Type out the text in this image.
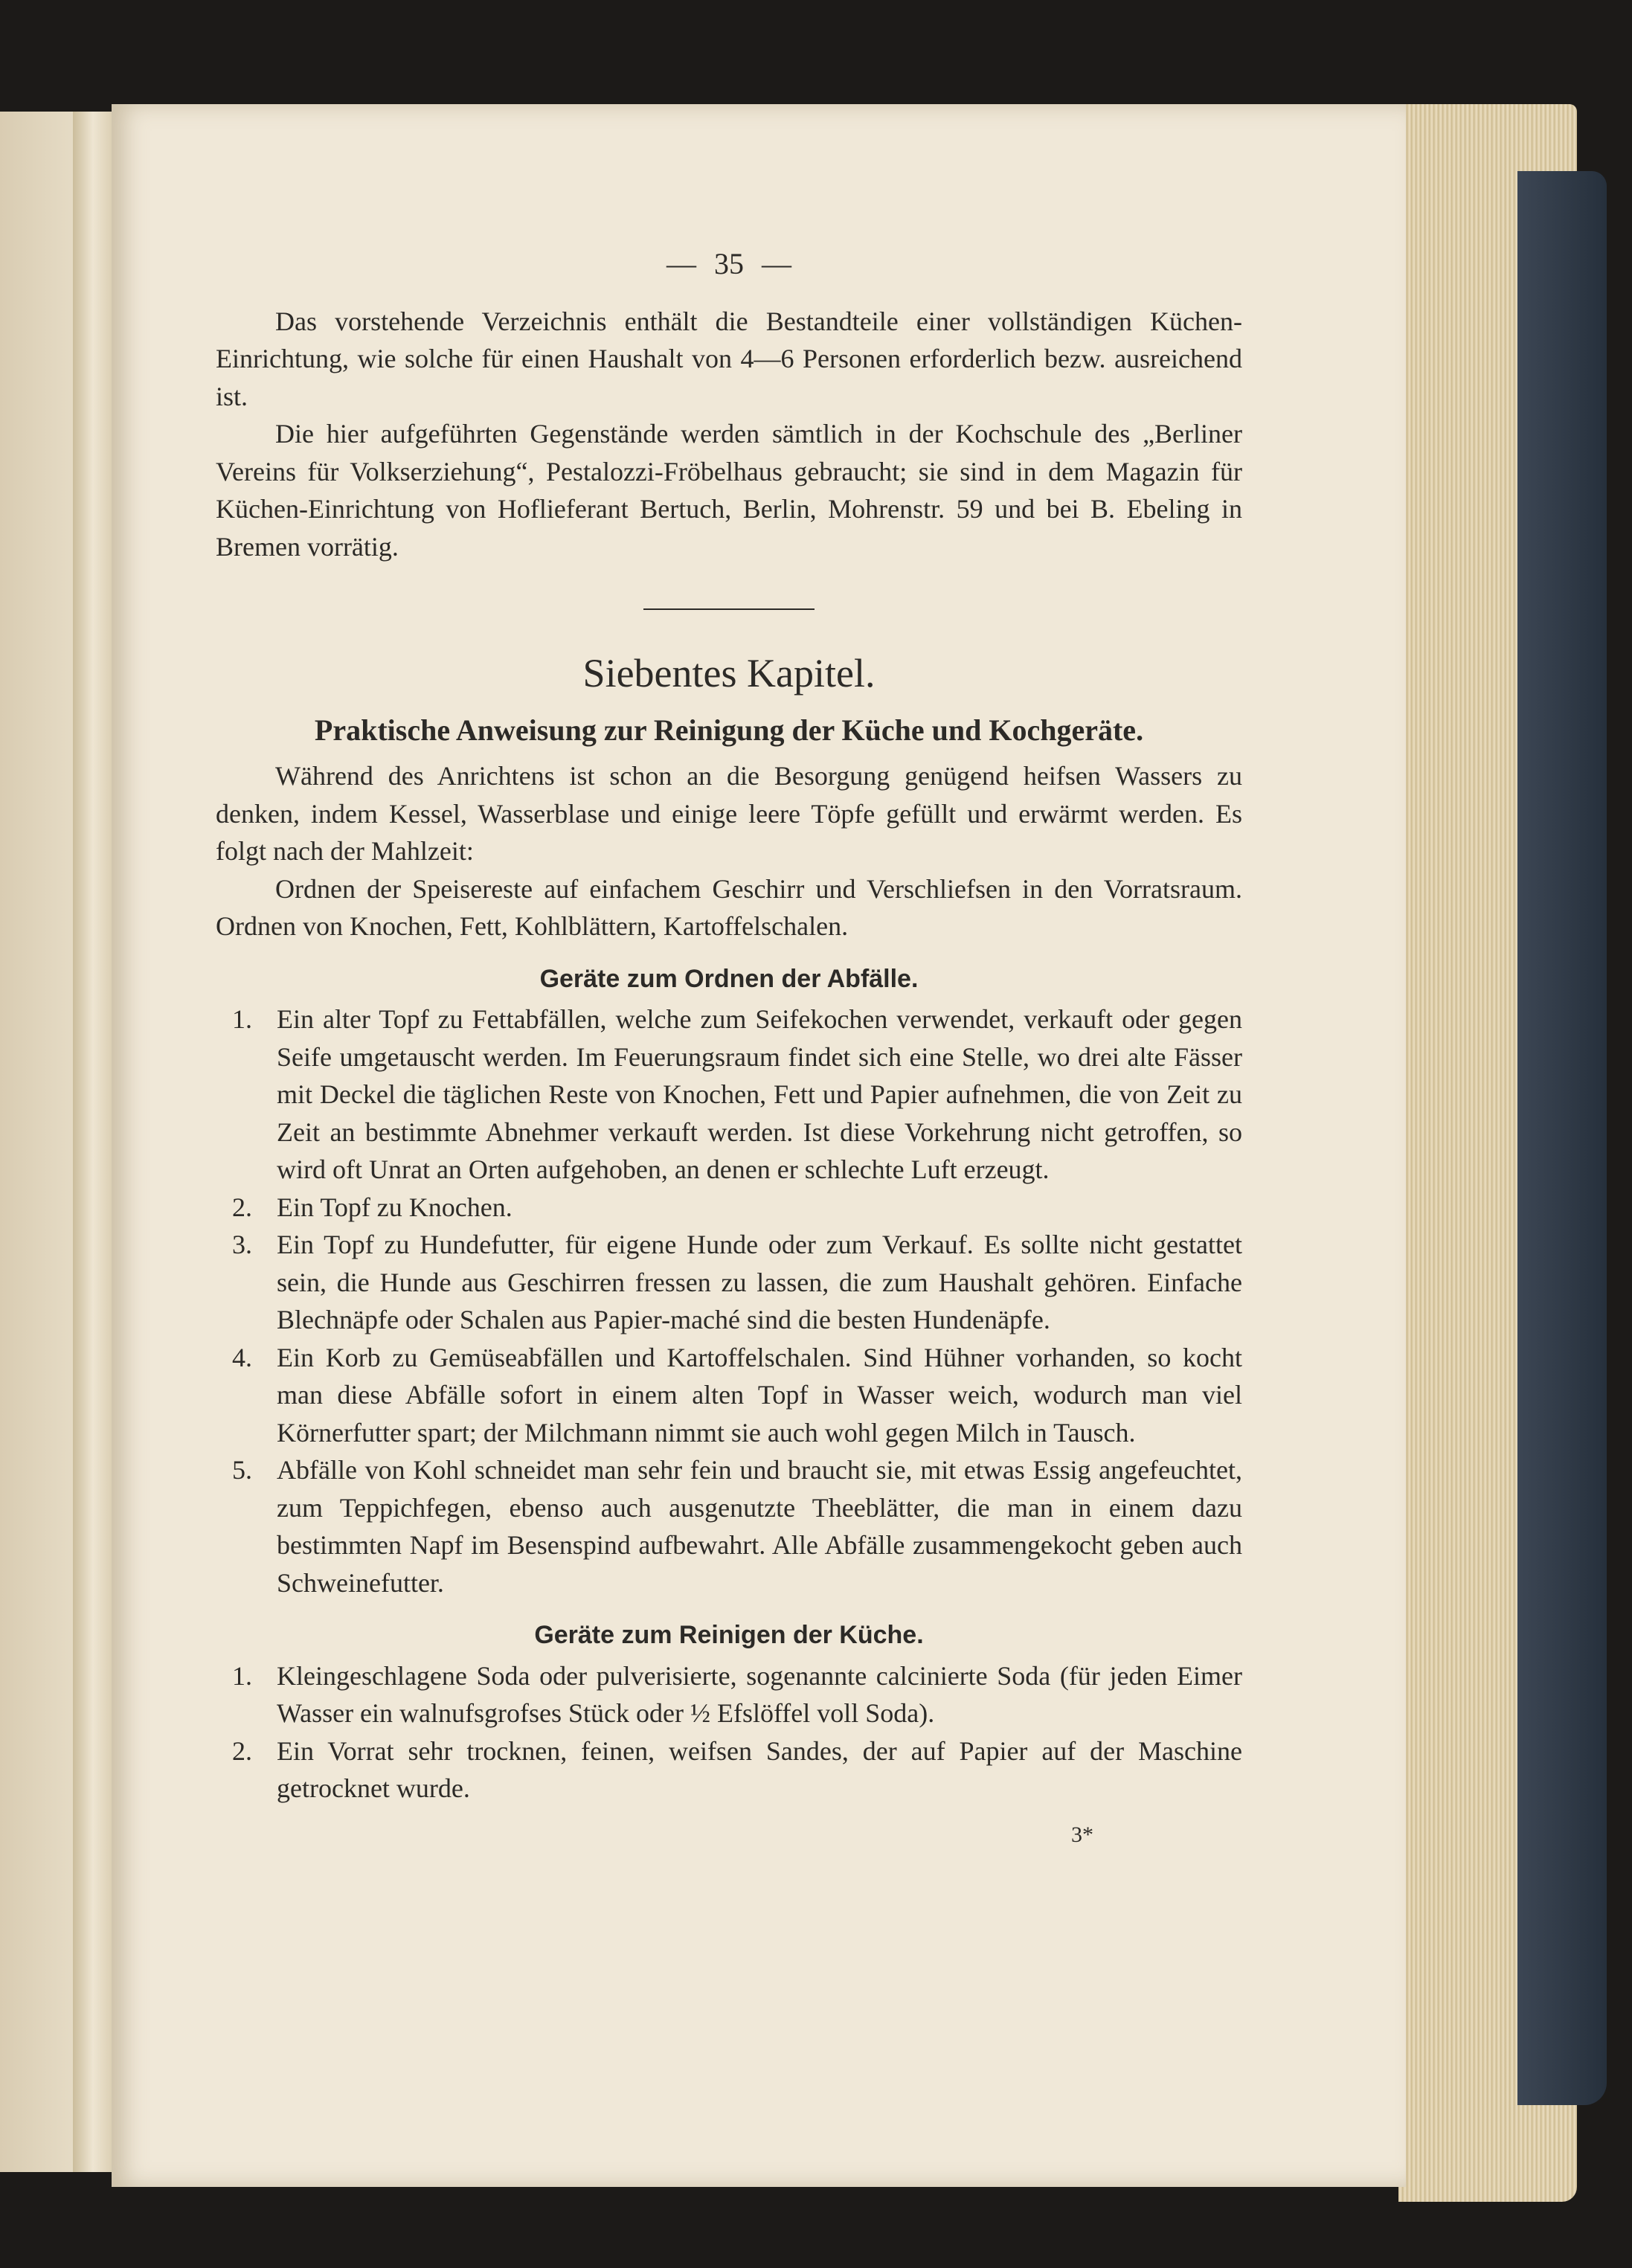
— 35 —

Das vorstehende Verzeichnis enthält die Bestandteile einer vollständigen Küchen-Einrichtung, wie solche für einen Haushalt von 4—6 Personen erforderlich bezw. ausreichend ist.

Die hier aufgeführten Gegenstände werden sämtlich in der Kochschule des „Berliner Vereins für Volkserziehung“, Pestalozzi-Fröbelhaus gebraucht; sie sind in dem Magazin für Küchen-Einrichtung von Hoflieferant Bertuch, Berlin, Mohrenstr. 59 und bei B. Ebeling in Bremen vorrätig.

Siebentes Kapitel.
Praktische Anweisung zur Reinigung der Küche und Kochgeräte.

Während des Anrichtens ist schon an die Besorgung genügend heifsen Wassers zu denken, indem Kessel, Wasserblase und einige leere Töpfe gefüllt und erwärmt werden. Es folgt nach der Mahlzeit:

Ordnen der Speisereste auf einfachem Geschirr und Verschliefsen in den Vorratsraum. Ordnen von Knochen, Fett, Kohlblättern, Kartoffelschalen.

Geräte zum Ordnen der Abfälle.
1. Ein alter Topf zu Fettabfällen, welche zum Seifekochen verwendet, verkauft oder gegen Seife umgetauscht werden. Im Feuerungsraum findet sich eine Stelle, wo drei alte Fässer mit Deckel die täglichen Reste von Knochen, Fett und Papier aufnehmen, die von Zeit zu Zeit an bestimmte Abnehmer verkauft werden. Ist diese Vorkehrung nicht getroffen, so wird oft Unrat an Orten aufgehoben, an denen er schlechte Luft erzeugt.
2. Ein Topf zu Knochen.
3. Ein Topf zu Hundefutter, für eigene Hunde oder zum Verkauf. Es sollte nicht gestattet sein, die Hunde aus Geschirren fressen zu lassen, die zum Haushalt gehören. Einfache Blechnäpfe oder Schalen aus Papier-maché sind die besten Hundenäpfe.
4. Ein Korb zu Gemüseabfällen und Kartoffelschalen. Sind Hühner vorhanden, so kocht man diese Abfälle sofort in einem alten Topf in Wasser weich, wodurch man viel Körnerfutter spart; der Milchmann nimmt sie auch wohl gegen Milch in Tausch.
5. Abfälle von Kohl schneidet man sehr fein und braucht sie, mit etwas Essig angefeuchtet, zum Teppichfegen, ebenso auch ausgenutzte Theeblätter, die man in einem dazu bestimmten Napf im Besenspind aufbewahrt. Alle Abfälle zusammengekocht geben auch Schweinefutter.
Geräte zum Reinigen der Küche.
1. Kleingeschlagene Soda oder pulverisierte, sogenannte calcinierte Soda (für jeden Eimer Wasser ein walnufsgrofses Stück oder ½ Efslöffel voll Soda).
2. Ein Vorrat sehr trocknen, feinen, weifsen Sandes, der auf Papier auf der Maschine getrocknet wurde.
3*
